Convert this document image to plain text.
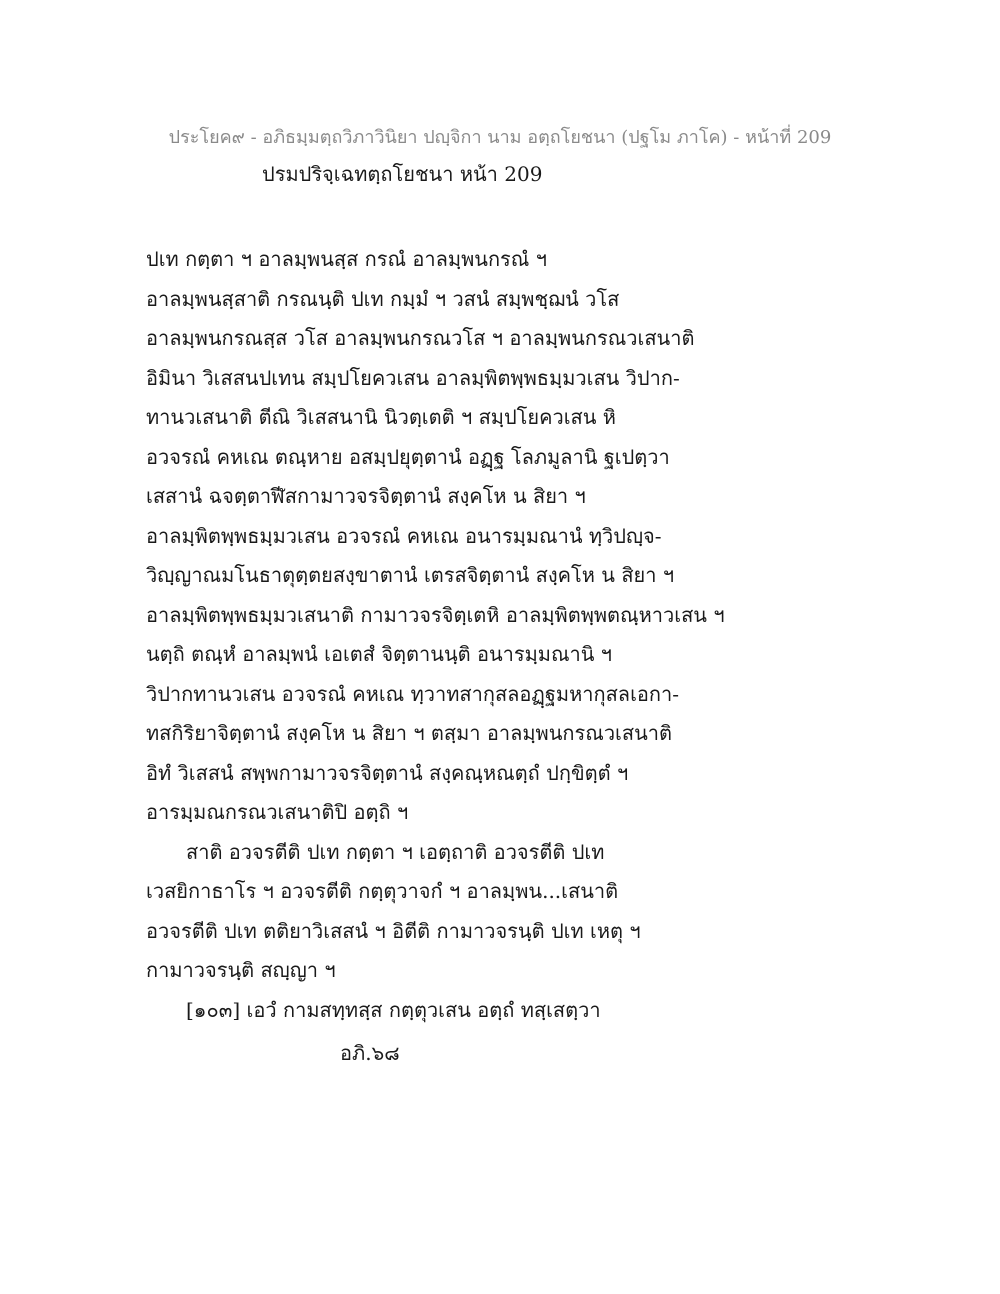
ประโยค๙ - อภิธมฺมตฺถวิภาวินิยา ปญฺจิกา นาม อตฺถโยชนา (ปฐโม ภาโค) - หน้าที่ 209
ปรมปริจฺเฉทตฺถโยชนา หน้า 209
ปเท กตฺตา ฯ อาลมฺพนสฺส กรณํ อาลมฺพนกรณํ ฯ
อาลมฺพนสฺสาติ กรณนฺติ ปเท กมฺมํ ฯ วสนํ สมฺพชฺฌนํ วโส
อาลมฺพนกรณสฺส วโส อาลมฺพนกรณวโส ฯ อาลมฺพนกรณวเสนาติ
อิมินา วิเสสนปเทน สมฺปโยควเสน อาลมฺพิตพฺพธมฺมวเสน วิปาก-
ทานวเสนาติ ตีณิ วิเสสนานิ นิวตฺเตติ ฯ สมฺปโยควเสน หิ
อวจรณํ คหเณ ตณฺหาย อสมฺปยุตฺตานํ อฏฺฐ โลภมูลานิ ฐเปตฺวา
เสสานํ ฉจตฺตาฬีสกามาวจรจิตฺตานํ สงฺคโห น สิยา ฯ
อาลมฺพิตพฺพธมฺมวเสน อวจรณํ คหเณ อนารมฺมณานํ ทฺวิปญฺจ-
วิญฺญาณมโนธาตุตฺตยสงฺขาตานํ เตรสจิตฺตานํ สงฺคโห น สิยา ฯ
อาลมฺพิตพฺพธมฺมวเสนาติ กามาวจรจิตฺเตหิ อาลมฺพิตพฺพตณฺหาวเสน ฯ
นตฺถิ ตณฺหํ อาลมฺพนํ เอเตสํ จิตฺตานนฺติ อนารมฺมณานิ ฯ
วิปากทานวเสน อวจรณํ คหเณ ทฺวาทสากุสลอฏฺฐมหากุสลเอกา-
ทสกิริยาจิตฺตานํ สงฺคโห น สิยา ฯ ตสฺมา อาลมฺพนกรณวเสนาติ
อิทํ วิเสสนํ สพฺพกามาวจรจิตฺตานํ สงฺคณฺหณตฺถํ ปกฺขิตฺตํ ฯ
อารมฺมณกรณวเสนาติปิ อตฺถิ ฯ
สาติ อวจรตีติ ปเท กตฺตา ฯ เอตฺถาติ อวจรตีติ ปเท
เวสยิกาธาโร ฯ อวจรตีติ กตฺตุวาจกํ ฯ อาลมฺพน...เสนาติ
อวจรตีติ ปเท ตติยาวิเสสนํ ฯ อิตีติ กามาวจรนฺติ ปเท เหตุ ฯ
กามาวจรนฺติ สญฺญา ฯ
[๑๐๓] เอวํ กามสทฺทสฺส กตฺตุวเสน อตฺถํ ทสฺเสตฺวา
อภิ.๖๘
